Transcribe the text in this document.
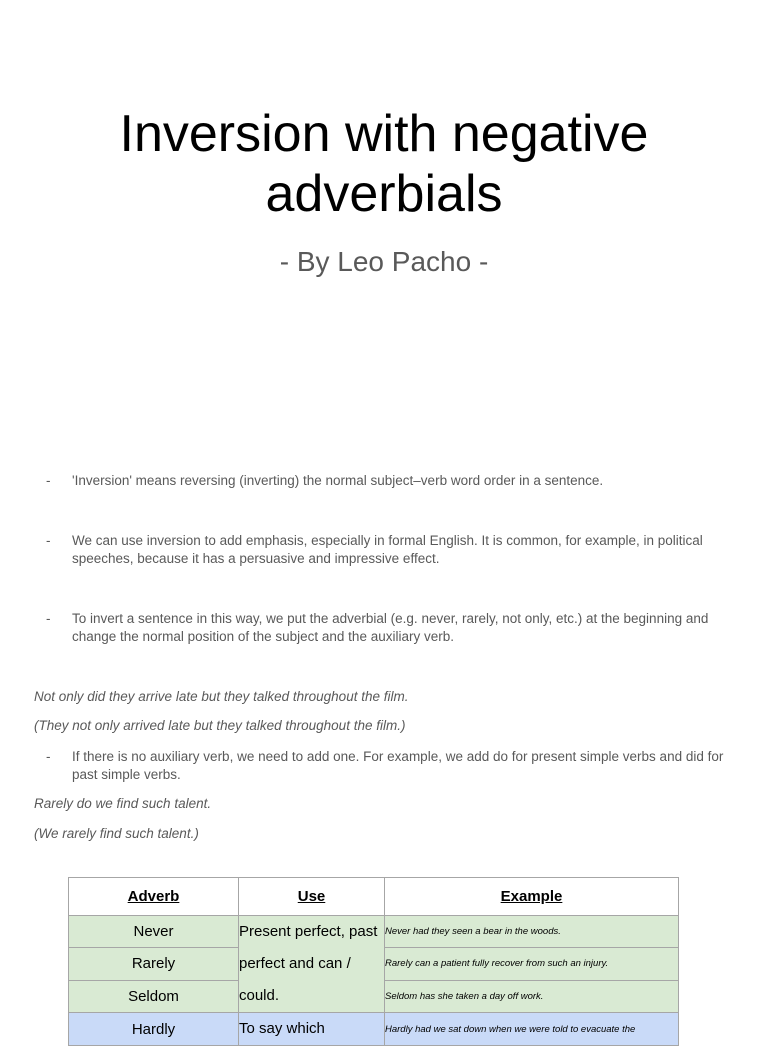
Inversion with negative adverbials
- By Leo Pacho -
- 'Inversion' means reversing (inverting) the normal subject–verb word order in a sentence.
- We can use inversion to add emphasis, especially in formal English. It is common, for example, in political speeches, because it has a persuasive and impressive effect.
- To invert a sentence in this way, we put the adverbial (e.g. never, rarely, not only, etc.) at the beginning and change the normal position of the subject and the auxiliary verb.
Not only did they arrive late but they talked throughout the film.
(They not only arrived late but they talked throughout the film.)
- If there is no auxiliary verb, we need to add one. For example, we add do for present simple verbs and did for past simple verbs.
Rarely do we find such talent.
(We rarely find such talent.)
Adverb	Use	Example
Never	Present perfect, past perfect and can / could.	Never had they seen a bear in the woods.
Rarely		Rarely can a patient fully recover from such an injury.
Seldom		Seldom has she taken a day off work.
Hardly	To say which	Hardly had we sat down when we were told to evacuate the
